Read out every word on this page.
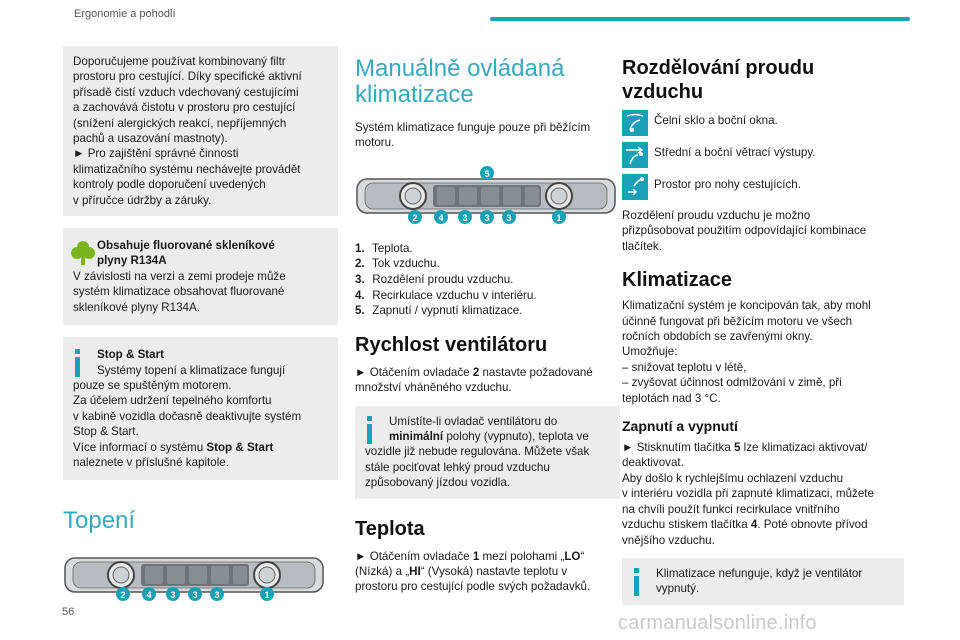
Ergonomie a pohodlí
Doporučujeme používat kombinovaný filtr
prostoru pro cestující. Díky specifické aktivní
přísadě čistí vzduch vdechovaný cestujícími
a zachovává čistotu v prostoru pro cestující
(snížení alergických reakcí, nepříjemných
pachů a usazování mastnoty).
► Pro zajištění správné činnosti
klimatizačního systému nechávejte provádět
kontroly podle doporučení uvedených
v příručce údržby a záruky.
Obsahuje fluorované skleníkové
plyny R134A
V závislosti na verzi a zemi prodeje může
systém klimatizace obsahovat fluorované
skleníkové plyny R134A.
Stop & Start
Systémy topení a klimatizace fungují
pouze se spuštěným motorem.
Za účelem udržení tepelného komfortu
v kabině vozidla dočasně deaktivujte systém
Stop & Start.
Více informací o systému Stop & Start
naleznete v příslušné kapitole.
Topení
2 4 3 3 3	1
Manuálně ovládaná
klimatizace
Systém klimatizace funguje pouze při běžícím
motoru.
5
2 4 3 3 3	1
1. Teplota.
2. Tok vzduchu.
3. Rozdělení proudu vzduchu.
4. Recirkulace vzduchu v interiéru.
5. Zapnutí / vypnutí klimatizace.
Rychlost ventilátoru
► Otáčením ovladače 2 nastavte požadované
množství vháněného vzduchu.
Umístíte-li ovladač ventilátoru do
minimální polohy (vypnuto), teplota ve
vozidle již nebude regulována. Můžete však
stále pociťovat lehký proud vzduchu
způsobovaný jízdou vozidla.
Teplota
► Otáčením ovladače 1 mezi polohami „LO“
(Nízká) a „HI“ (Vysoká) nastavte teplotu v
prostoru pro cestující podle svých požadavků.
Rozdělování proudu
vzduchu
Čelní sklo a boční okna.
Střední a boční větrací výstupy.
Prostor pro nohy cestujících.
Rozdělení proudu vzduchu je možno
přizpůsobovat použitím odpovídající kombinace
tlačítek.
Klimatizace
Klimatizační systém je koncipován tak, aby mohl
účinně fungovat při běžícím motoru ve všech
ročních obdobích se zavřenými okny.
Umožňuje:
– snižovat teplotu v létě,
– zvyšovat účinnost odmlžování v zimě, při
teplotách nad 3 °C.
Zapnutí a vypnutí
► Stisknutím tlačítka 5 lze klimatizaci aktivovat/
deaktivovat.
Aby došlo k rychlejšímu ochlazení vzduchu
v interiéru vozidla při zapnuté klimatizaci, můžete
na chvíli použít funkci recirkulace vnitřního
vzduchu stiskem tlačítka 4. Poté obnovte přívod
vnějšího vzduchu.
Klimatizace nefunguje, když je ventilátor
vypnutý.
56	carmanualsonline.info
